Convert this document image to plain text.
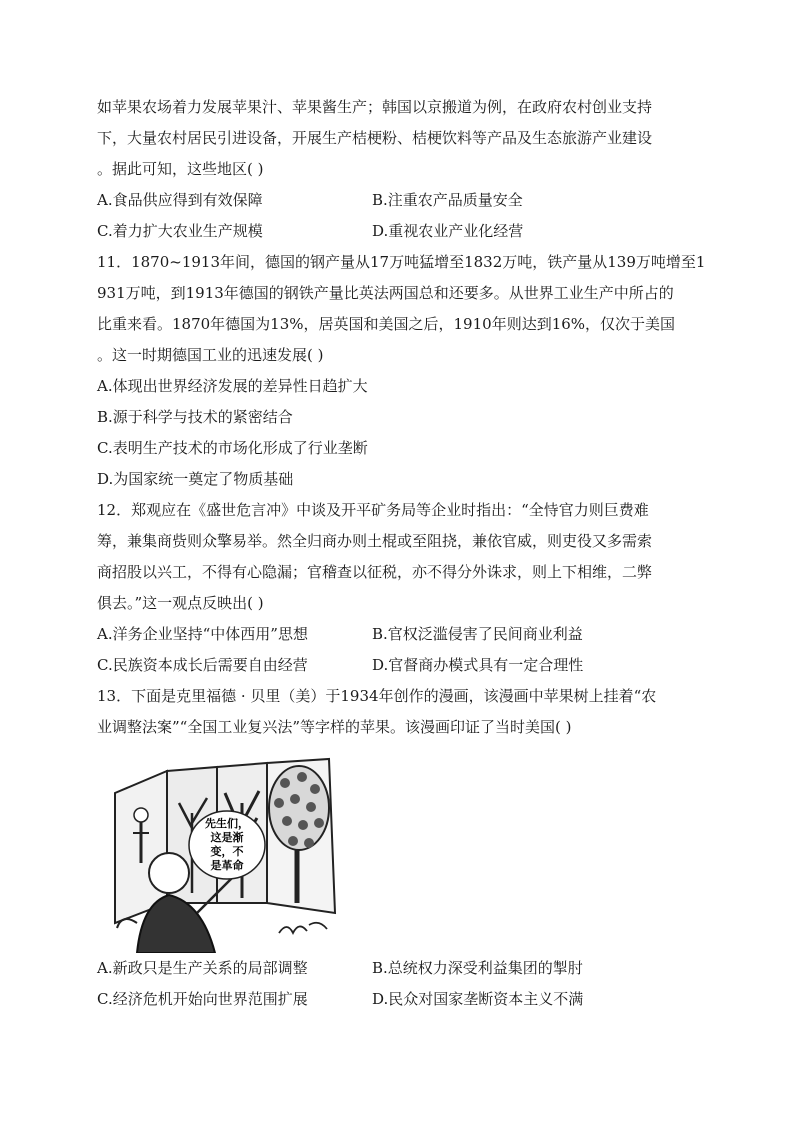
如苹果农场着力发展苹果汁、苹果酱生产；韩国以京搬道为例，在政府农村创业支持
下，大量农村居民引进设备，开展生产桔梗粉、桔梗饮料等产品及生态旅游产业建设
。据此可知，这些地区( )
A.食品供应得到有效保障	B.注重农产品质量安全
C.着力扩大农业生产规模	D.重视农业产业化经营
11．1870~1913年间，德国的钢产量从17万吨猛增至1832万吨，铁产量从139万吨增至1
931万吨，到1913年德国的钢铁产量比英法两国总和还要多。从世界工业生产中所占的
比重来看。1870年德国为13%，居英国和美国之后，1910年则达到16%，仅次于美国
。这一时期德国工业的迅速发展( )
A.体现出世界经济发展的差异性日趋扩大
B.源于科学与技术的紧密结合
C.表明生产技术的市场化形成了行业垄断
D.为国家统一奠定了物质基础
12．郑观应在《盛世危言冲》中谈及开平矿务局等企业时指出：“全恃官力则巨费难
筹，兼集商赀则众擎易举。然全归商办则土棍或至阻挠，兼依官威，则吏役又多需索
商招股以兴工，不得有心隐漏；官稽查以征税，亦不得分外诛求，则上下相维，二弊
俱去。”这一观点反映出( )
A.洋务企业坚持“中体西用”思想	B.官权泛滥侵害了民间商业利益
C.民族资本成长后需要自由经营	D.官督商办模式具有一定合理性
13．下面是克里福德 · 贝里（美）于1934年创作的漫画，该漫画中苹果树上挂着“农
业调整法案”“全国工业复兴法”等字样的苹果。该漫画印证了当时美国( )
先生们，
这是渐
变，不
是革命
A.新政只是生产关系的局部调整	B.总统权力深受利益集团的掣肘
C.经济危机开始向世界范围扩展	D.民众对国家垄断资本主义不满
